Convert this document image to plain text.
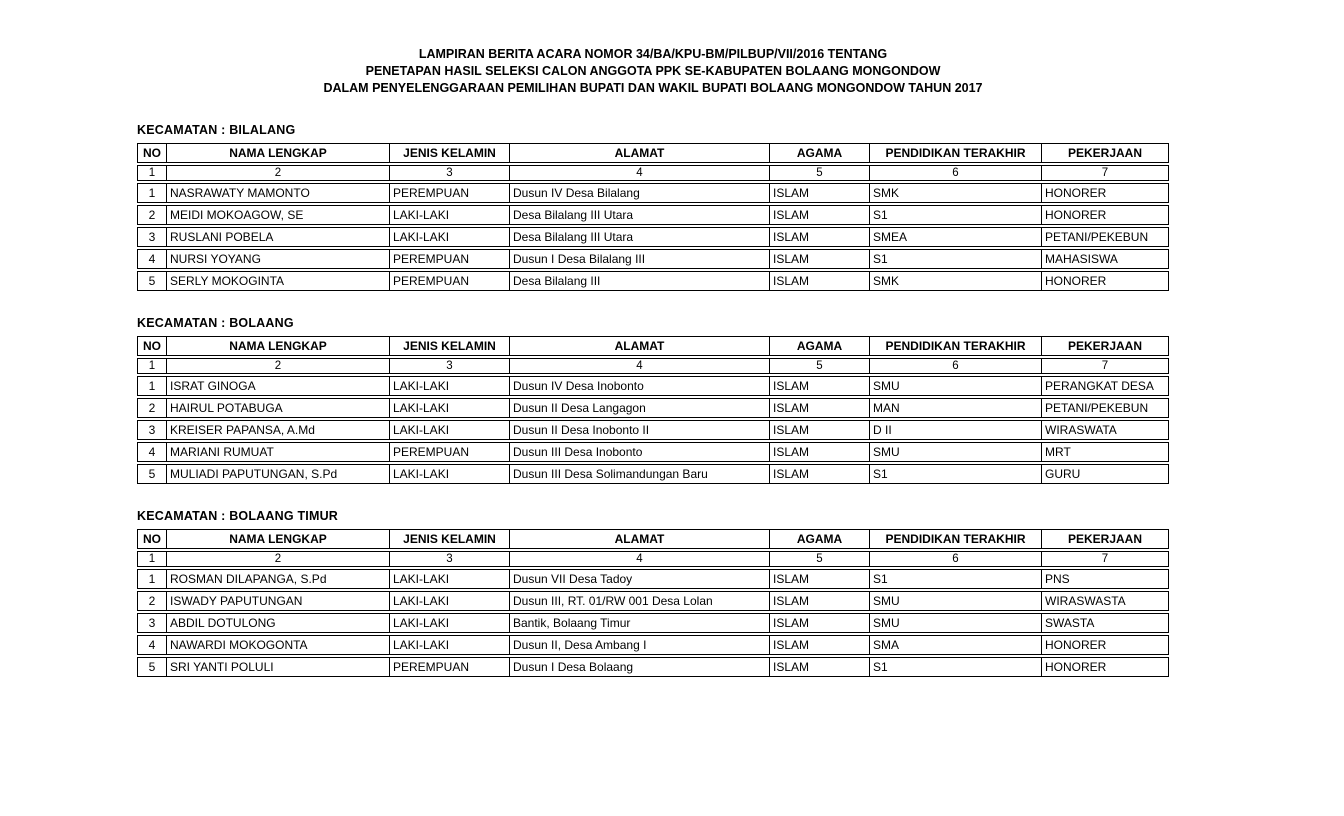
LAMPIRAN BERITA ACARA NOMOR 34/BA/KPU-BM/PILBUP/VII/2016 TENTANG
PENETAPAN HASIL SELEKSI CALON ANGGOTA PPK SE-KABUPATEN BOLAANG MONGONDOW
DALAM PENYELENGGARAAN PEMILIHAN BUPATI DAN WAKIL BUPATI BOLAANG MONGONDOW TAHUN 2017
KECAMATAN : BILALANG
NO	NAMA LENGKAP	JENIS KELAMIN	ALAMAT	AGAMA	PENDIDIKAN TERAKHIR	PEKERJAAN
1	2	3	4	5	6	7
1	NASRAWATY MAMONTO	PEREMPUAN	Dusun IV Desa Bilalang	ISLAM	SMK	HONORER
2	MEIDI MOKOAGOW, SE	LAKI-LAKI	Desa Bilalang III Utara	ISLAM	S1	HONORER
3	RUSLANI POBELA	LAKI-LAKI	Desa Bilalang III Utara	ISLAM	SMEA	PETANI/PEKEBUN
4	NURSI YOYANG	PEREMPUAN	Dusun I Desa Bilalang III	ISLAM	S1	MAHASISWA
5	SERLY MOKOGINTA	PEREMPUAN	Desa Bilalang III	ISLAM	SMK	HONORER
KECAMATAN : BOLAANG
NO	NAMA LENGKAP	JENIS KELAMIN	ALAMAT	AGAMA	PENDIDIKAN TERAKHIR	PEKERJAAN
1	2	3	4	5	6	7
1	ISRAT GINOGA	LAKI-LAKI	Dusun IV Desa Inobonto	ISLAM	SMU	PERANGKAT DESA
2	HAIRUL POTABUGA	LAKI-LAKI	Dusun II Desa Langagon	ISLAM	MAN	PETANI/PEKEBUN
3	KREISER PAPANSA, A.Md	LAKI-LAKI	Dusun II Desa Inobonto II	ISLAM	D II	WIRASWATA
4	MARIANI RUMUAT	PEREMPUAN	Dusun III Desa Inobonto	ISLAM	SMU	MRT
5	MULIADI PAPUTUNGAN, S.Pd	LAKI-LAKI	Dusun III Desa Solimandungan Baru	ISLAM	S1	GURU
KECAMATAN : BOLAANG TIMUR
NO	NAMA LENGKAP	JENIS KELAMIN	ALAMAT	AGAMA	PENDIDIKAN TERAKHIR	PEKERJAAN
1	2	3	4	5	6	7
1	ROSMAN DILAPANGA, S.Pd	LAKI-LAKI	Dusun VII Desa Tadoy	ISLAM	S1	PNS
2	ISWADY PAPUTUNGAN	LAKI-LAKI	Dusun III, RT. 01/RW 001 Desa Lolan	ISLAM	SMU	WIRASWASTA
3	ABDIL DOTULONG	LAKI-LAKI	Bantik, Bolaang Timur	ISLAM	SMU	SWASTA
4	NAWARDI MOKOGONTA	LAKI-LAKI	Dusun II, Desa Ambang I	ISLAM	SMA	HONORER
5	SRI YANTI POLULI	PEREMPUAN	Dusun I Desa Bolaang	ISLAM	S1	HONORER
